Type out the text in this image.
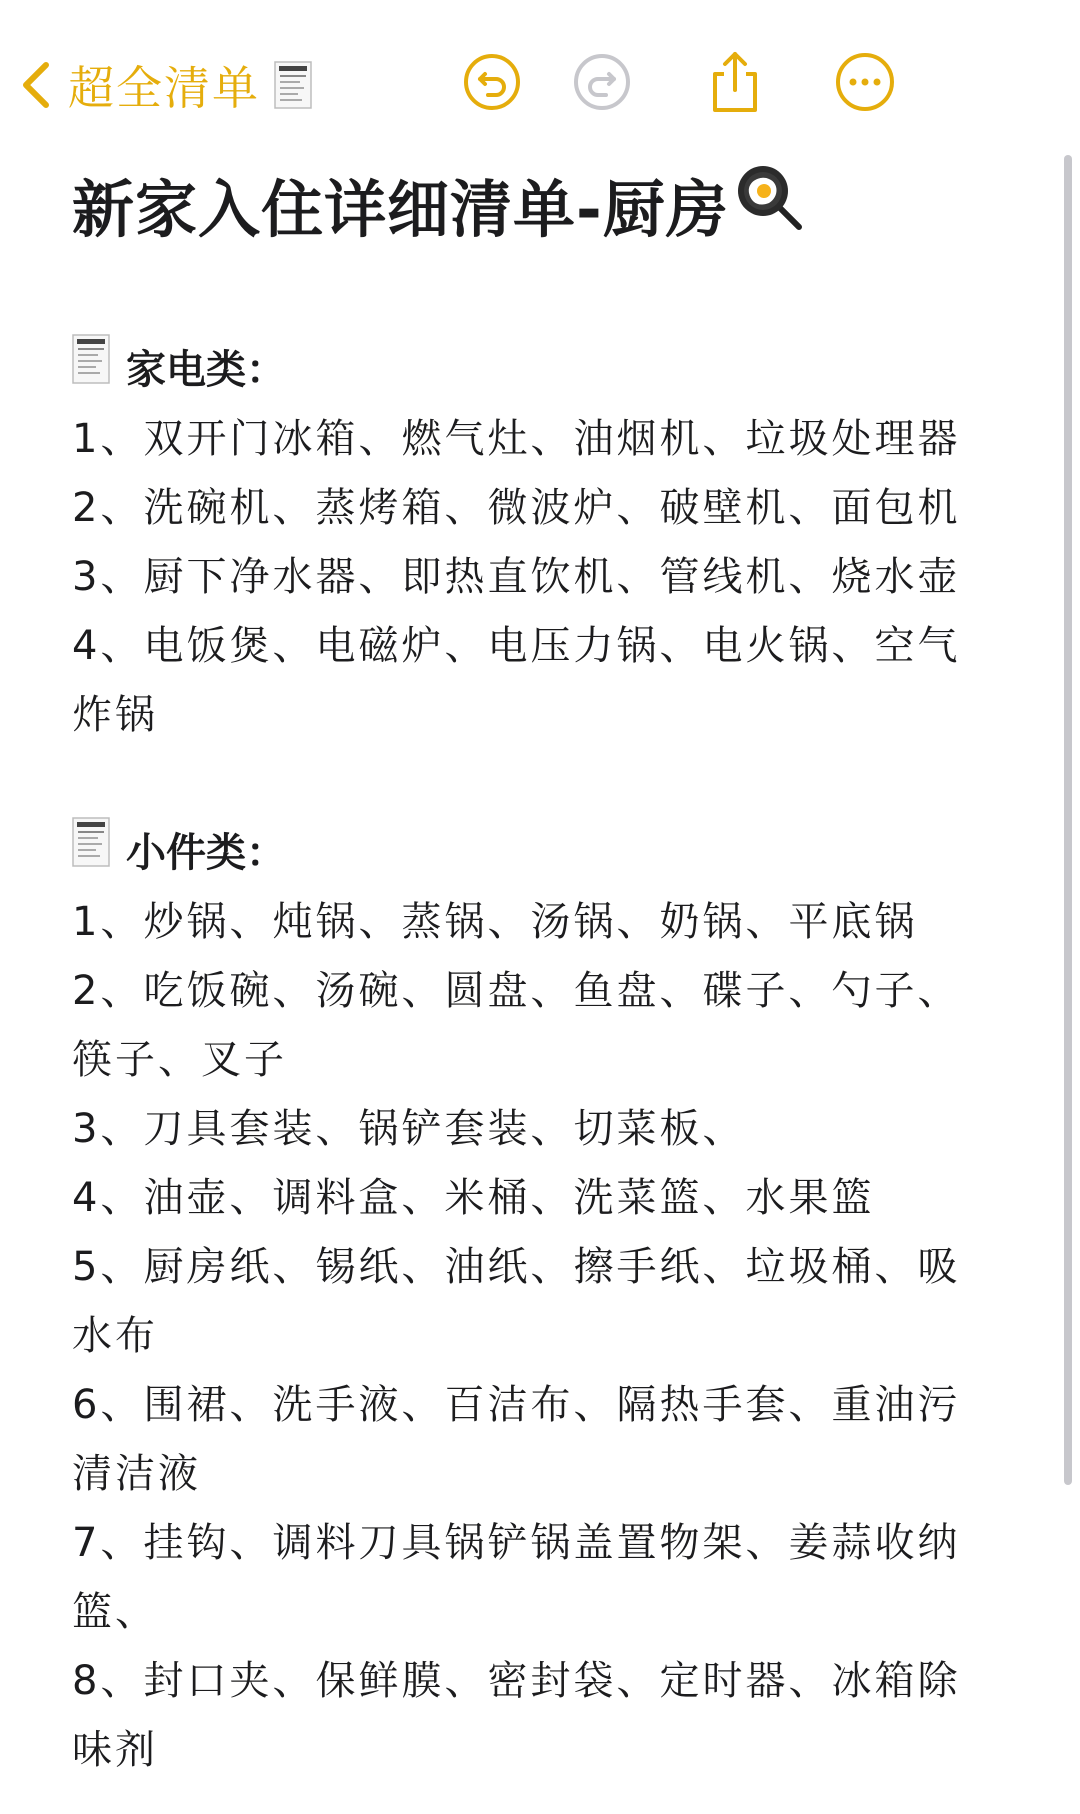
超全清单
新家入住详细清单-厨房
家电类：
1、双开门冰箱、燃气灶、油烟机、垃圾处理器
2、洗碗机、蒸烤箱、微波炉、破壁机、面包机
3、厨下净水器、即热直饮机、管线机、烧水壶
4、电饭煲、电磁炉、电压力锅、电火锅、空气
炸锅
小件类：
1、炒锅、炖锅、蒸锅、汤锅、奶锅、平底锅
2、吃饭碗、汤碗、圆盘、鱼盘、碟子、勺子、
筷子、叉子
3、刀具套装、锅铲套装、切菜板、
4、油壶、调料盒、米桶、洗菜篮、水果篮
5、厨房纸、锡纸、油纸、擦手纸、垃圾桶、吸
水布
6、围裙、洗手液、百洁布、隔热手套、重油污
清洁液
7、挂钩、调料刀具锅铲锅盖置物架、姜蒜收纳
篮、
8、封口夹、保鲜膜、密封袋、定时器、冰箱除
味剂
